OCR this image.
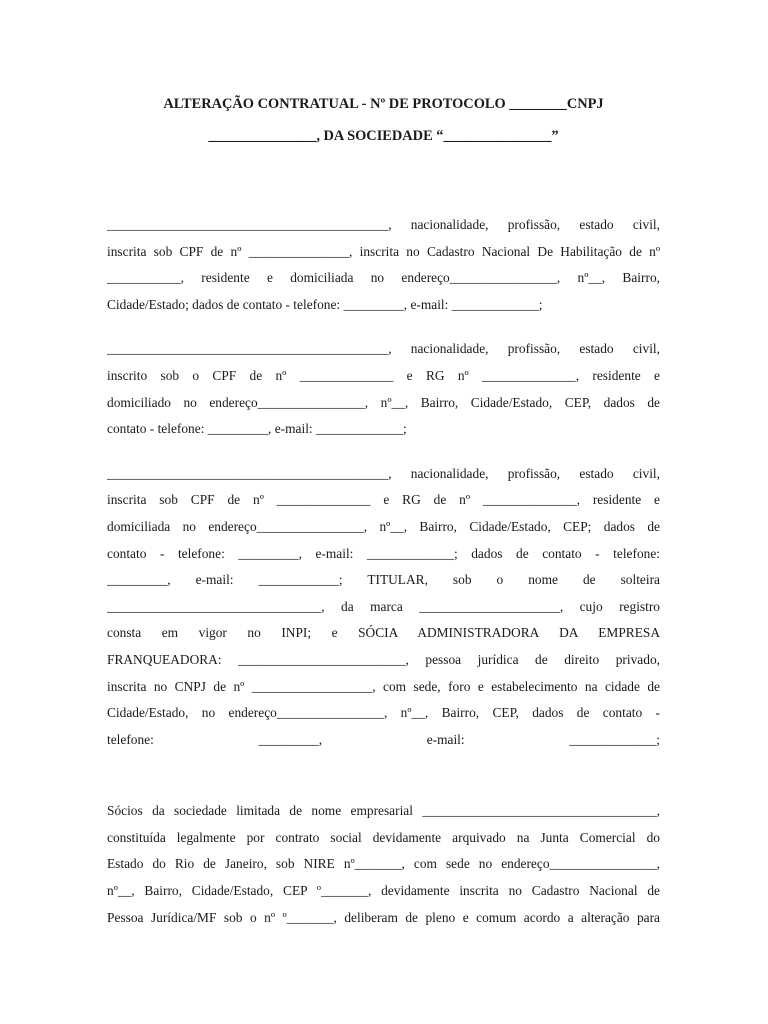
ALTERAÇÃO CONTRATUAL - Nº DE PROTOCOLO ________CNPJ
_______________, DA SOCIEDADE “_______________”
__________________________________________, nacionalidade, profissão, estado civil,
inscrita sob CPF de nº _______________, inscrita no Cadastro Nacional De Habilitação de nº
___________, residente e domiciliada no endereço________________, nº__, Bairro,
Cidade/Estado; dados de contato - telefone: _________, e-mail: _____________;
__________________________________________, nacionalidade, profissão, estado civil,
inscrito sob o CPF de nº ______________ e RG nº ______________, residente e
domiciliado no endereço________________, nº__, Bairro, Cidade/Estado, CEP, dados de
contato - telefone: _________, e-mail: _____________;
__________________________________________, nacionalidade, profissão, estado civil,
inscrita sob CPF de nº ______________ e RG de nº ______________, residente e
domiciliada no endereço________________, nº__, Bairro, Cidade/Estado, CEP; dados de
contato - telefone: _________, e-mail: _____________; dados de contato - telefone:
_________, e-mail: ____________; TITULAR, sob o nome de solteira
________________________________, da marca _____________________, cujo registro
consta em vigor no INPI; e SÓCIA ADMINISTRADORA DA EMPRESA
FRANQUEADORA: _________________________, pessoa jurídica de direito privado,
inscrita no CNPJ de nº __________________, com sede, foro e estabelecimento na cidade de
Cidade/Estado, no endereço________________, nº__, Bairro, CEP, dados de contato -
telefone: _________, e-mail: _____________;
Sócios da sociedade limitada de nome empresarial ___________________________________,
constituída legalmente por contrato social devidamente arquivado na Junta Comercial do
Estado do Rio de Janeiro, sob NIRE nº_______, com sede no endereço________________,
nº__, Bairro, Cidade/Estado, CEP º_______, devidamente inscrita no Cadastro Nacional de
Pessoa Jurídica/MF sob o nº º_______, deliberam de pleno e comum acordo a alteração para
